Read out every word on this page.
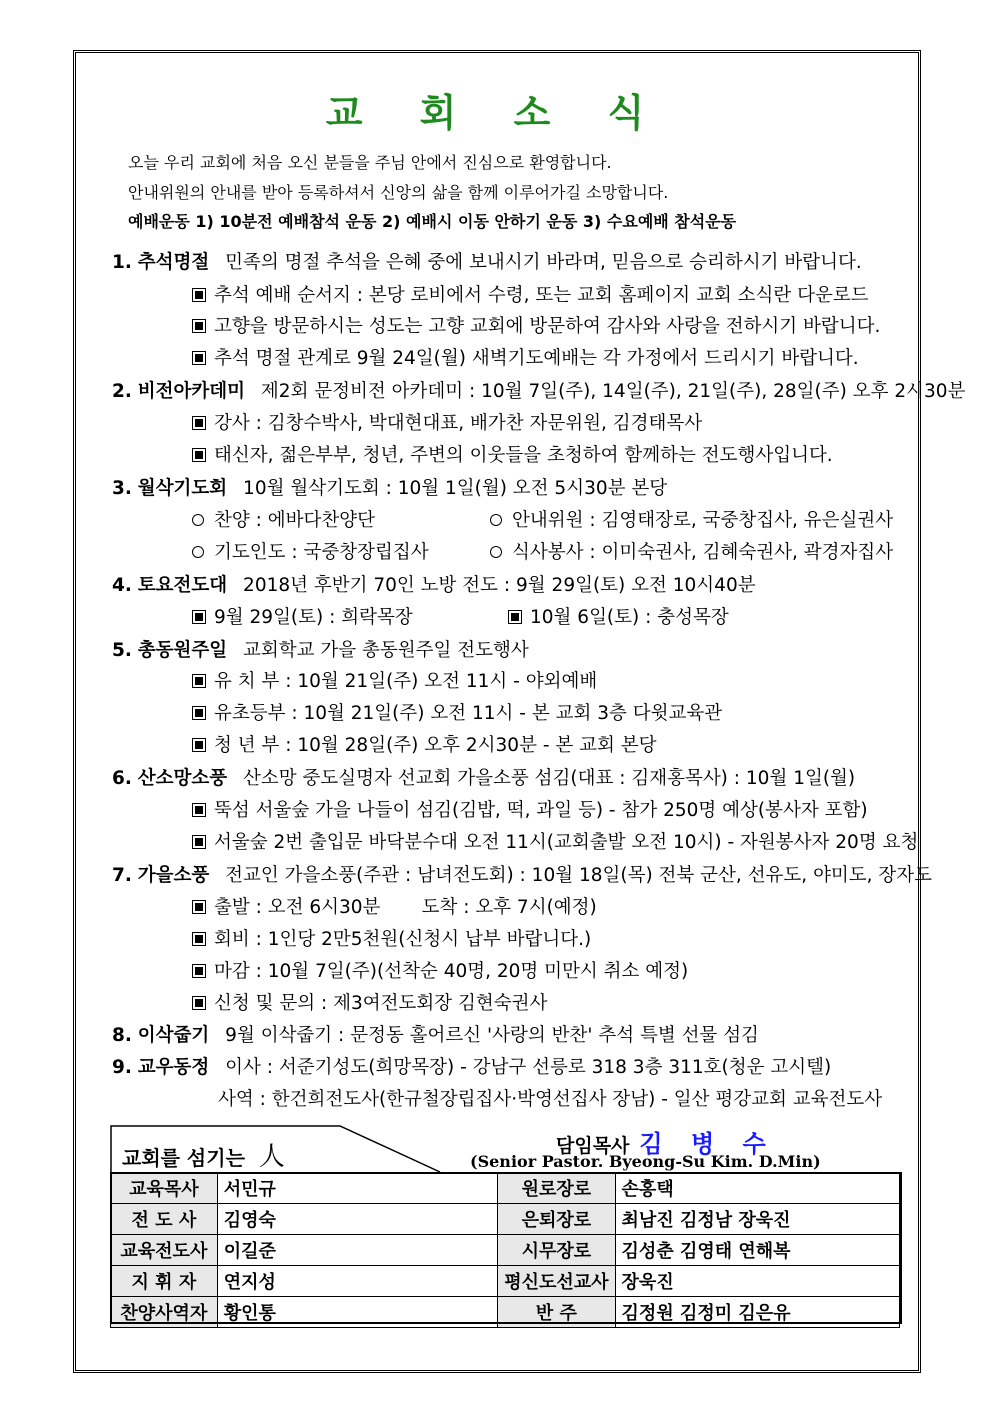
교 회 소 식
오늘 우리 교회에 처음 오신 분들을 주님 안에서 진심으로 환영합니다.
안내위원의 안내를 받아 등록하셔서 신앙의 삶을 함께 이루어가길 소망합니다.
예배운동 1) 10분전 예배참석 운동 2) 예배시 이동 안하기 운동 3) 수요예배 참석운동
1. 추석명절 민족의 명절 추석을 은혜 중에 보내시기 바라며, 믿음으로 승리하시기 바랍니다.
추석 예배 순서지 : 본당 로비에서 수령, 또는 교회 홈페이지 교회 소식란 다운로드
고향을 방문하시는 성도는 고향 교회에 방문하여 감사와 사랑을 전하시기 바랍니다.
추석 명절 관계로 9월 24일(월) 새벽기도예배는 각 가정에서 드리시기 바랍니다.
2. 비전아카데미 제2회 문정비전 아카데미 : 10월 7일(주), 14일(주), 21일(주), 28일(주) 오후 2시30분
강사 : 김창수박사, 박대현대표, 배가찬 자문위원, 김경태목사
태신자, 젊은부부, 청년, 주변의 이웃들을 초청하여 함께하는 전도행사입니다.
3. 월삭기도회 10월 월삭기도회 : 10월 1일(월) 오전 5시30분 본당
찬양 : 에바다찬양단
기도인도 : 국중창장립집사
안내위원 : 김영태장로, 국중창집사, 유은실권사
식사봉사 : 이미숙권사, 김혜숙권사, 곽경자집사
4. 토요전도대 2018년 후반기 70인 노방 전도 : 9월 29일(토) 오전 10시40분
9월 29일(토) : 희락목장	10월 6일(토) : 충성목장
5. 총동원주일 교회학교 가을 총동원주일 전도행사
유 치 부 : 10월 21일(주) 오전 11시 - 야외예배
유초등부 : 10월 21일(주) 오전 11시 - 본 교회 3층 다윗교육관
청 년 부 : 10월 28일(주) 오후 2시30분 - 본 교회 본당
6. 산소망소풍 산소망 중도실명자 선교회 가을소풍 섬김(대표 : 김재홍목사) : 10월 1일(월)
뚝섬 서울숲 가을 나들이 섬김(김밥, 떡, 과일 등) - 참가 250명 예상(봉사자 포함)
서울숲 2번 출입문 바닥분수대 오전 11시(교회출발 오전 10시) - 자원봉사자 20명 요청
7. 가을소풍 전교인 가을소풍(주관 : 남녀전도회) : 10월 18일(목) 전북 군산, 선유도, 야미도, 장자도
출발 : 오전 6시30분       도착 : 오후 7시(예정)
회비 : 1인당 2만5천원(신청시 납부 바랍니다.)
마감 : 10월 7일(주)(선착순 40명, 20명 미만시 취소 예정)
신청 및 문의 : 제3여전도회장 김현숙권사
8. 이삭줍기 9월 이삭줍기 : 문정동 홀어르신 '사랑의 반찬' 추석 특별 선물 섬김
9. 교우동정 이사 : 서준기성도(희망목장) - 강남구 선릉로 318 3층 311호(청운 고시텔)
사역 : 한건희전도사(한규철장립집사·박영선집사 장남) - 일산 평강교회 교육전도사
교회를 섬기는 人	담임목사 김 병 수
(Senior Pastor. Byeong-Su Kim. D.Min)
교육목사	서민규	원로장로	손홍택
전 도 사	김영숙	은퇴장로	최남진 김정남 장욱진
교육전도사	이길준	시무장로	김성춘 김영태 연해복
지 휘 자	연지성	평신도선교사	장욱진
찬양사역자	황인통	반 주	김정원 김정미 김은유
